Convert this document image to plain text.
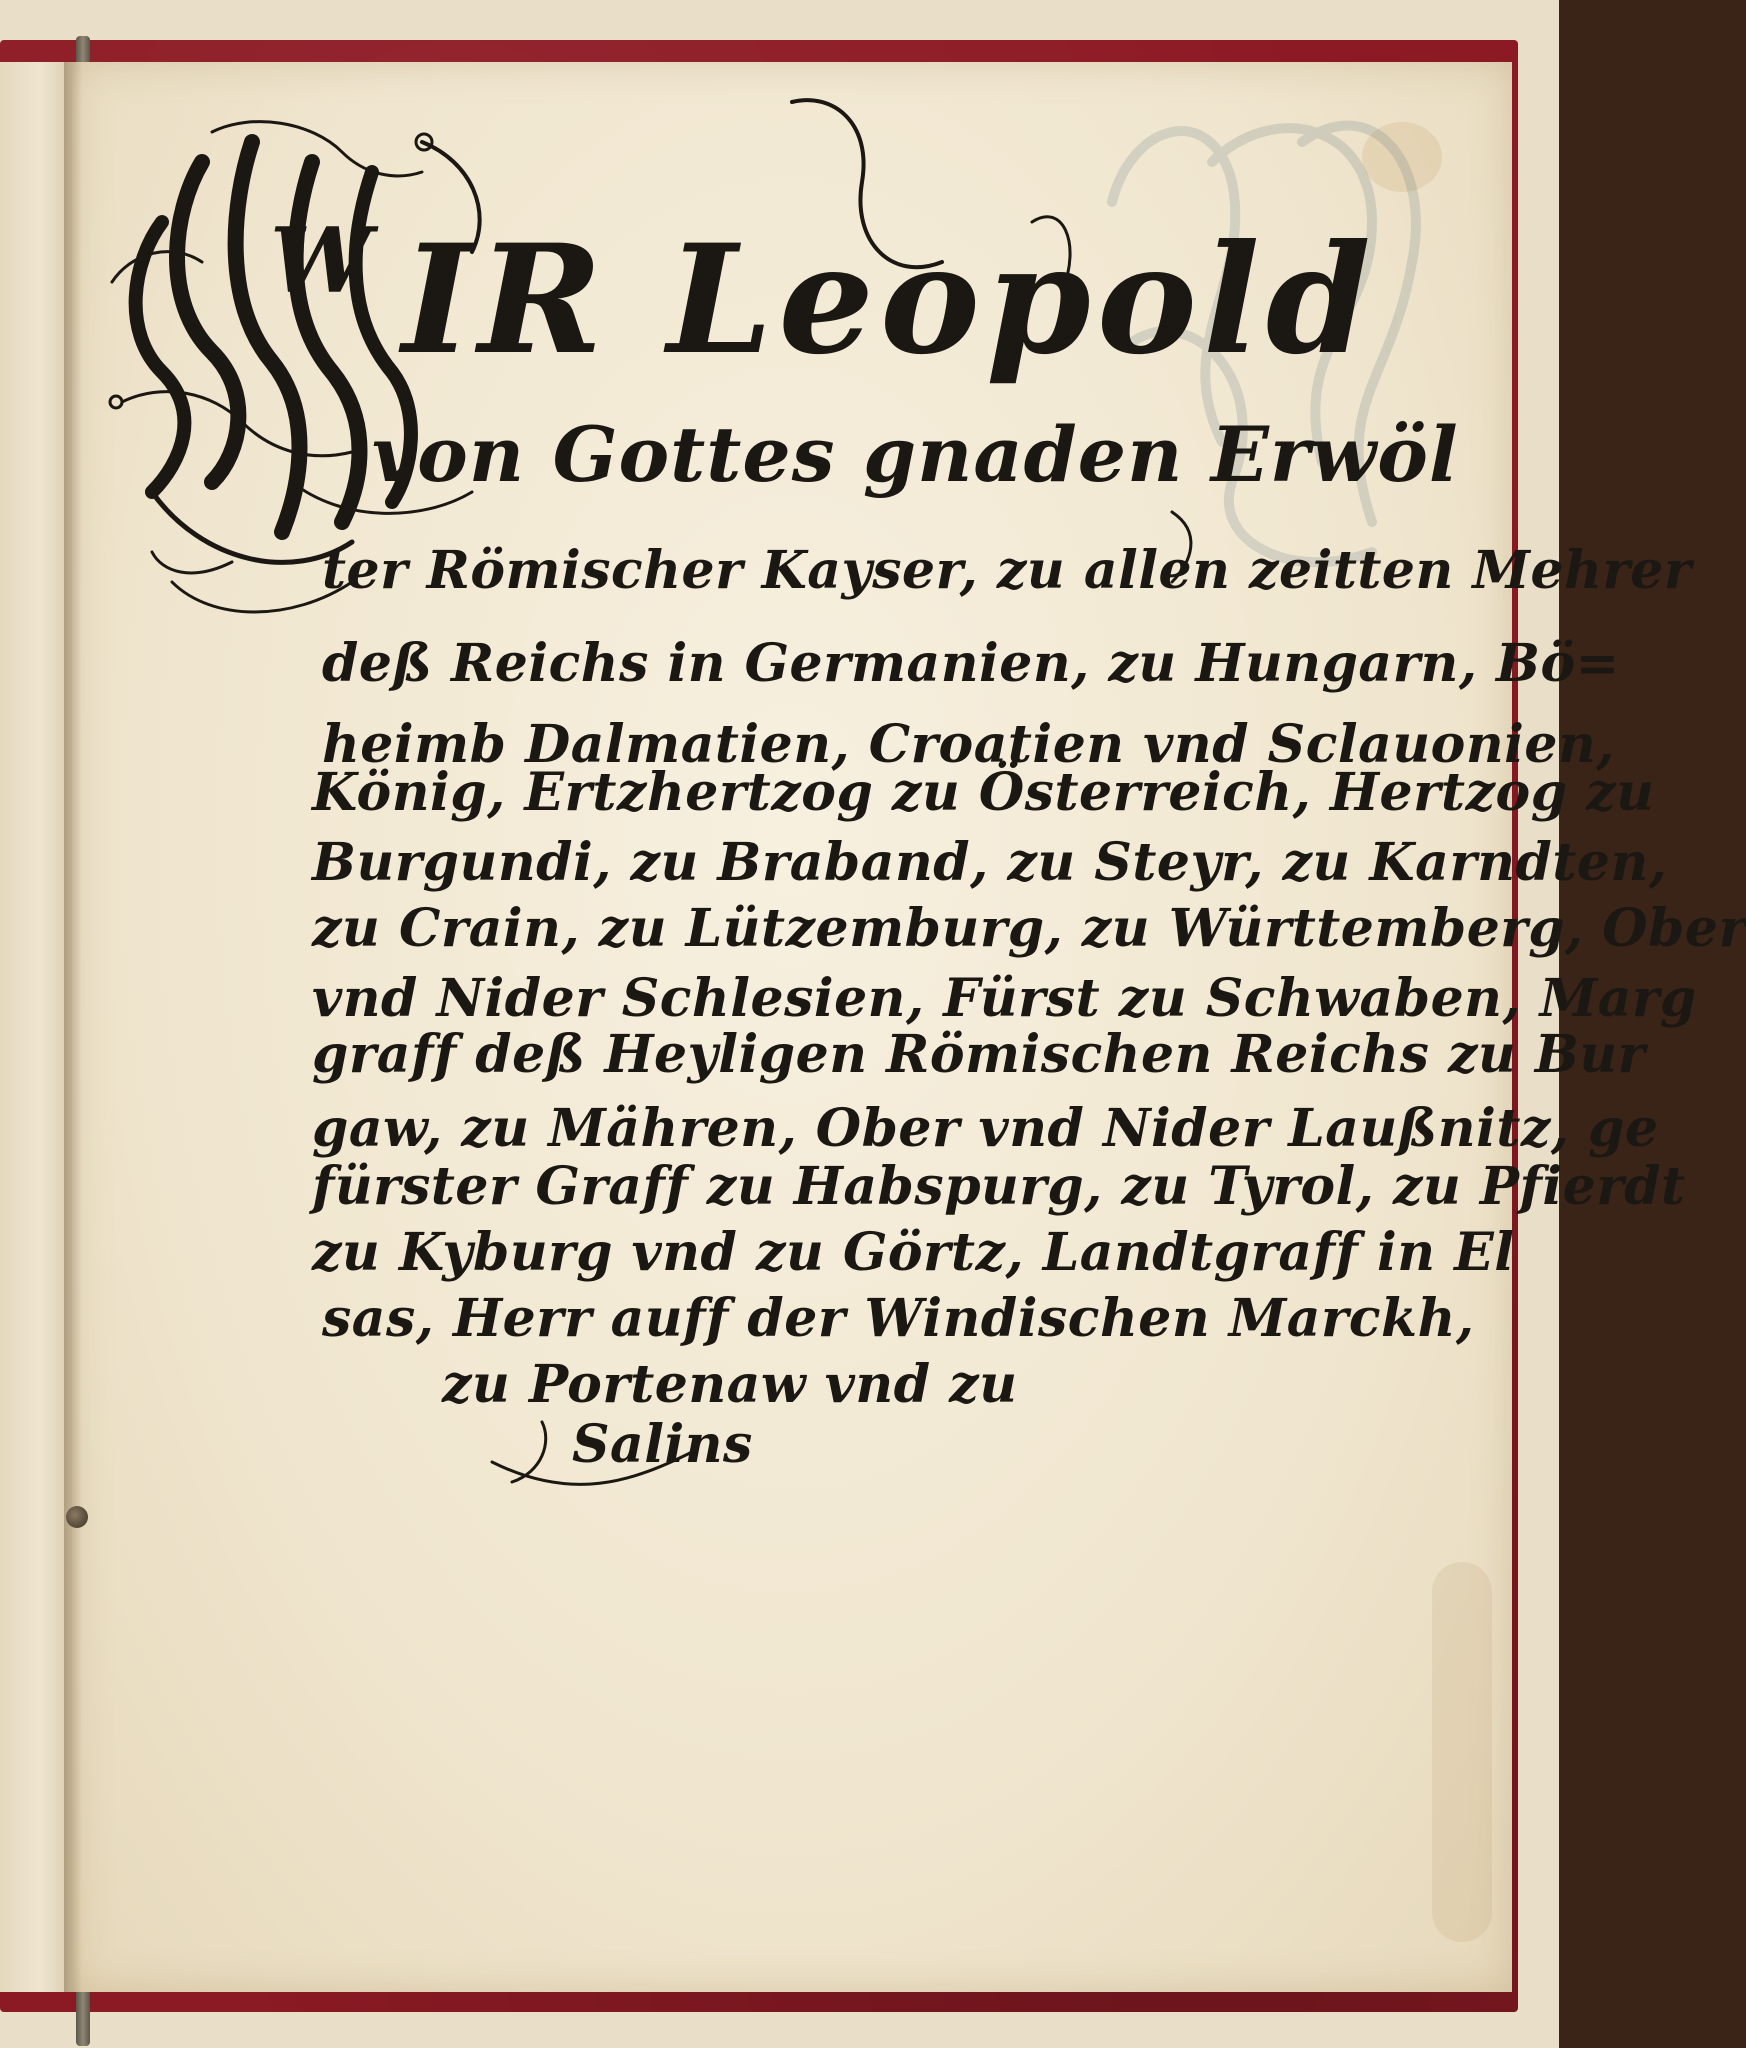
W IR Leopold
von Gottes gnaden Erwöl
ter Römischer Kayser, zu allen zeitten Mehrer
deß Reichs in Germanien, zu Hungarn, Bö=
heimb Dalmatien, Croatien vnd Sclauonien,
König, Ertzhertzog zu Österreich, Hertzog zu
Burgundi, zu Braband, zu Steyr, zu Karndten,
zu Crain, zu Lützemburg, zu Württemberg, Ober
vnd Nider Schlesien, Fürst zu Schwaben, Marg
graff deß Heyligen Römischen Reichs zu Bur
gaw, zu Mähren, Ober vnd Nider Laußnitz, ge
fürster Graff zu Habspurg, zu Tyrol, zu Pfierdt
zu Kyburg vnd zu Görtz, Landtgraff in El
sas, Herr auff der Windischen Marckh,
zu Portenaw vnd zu
Salins
